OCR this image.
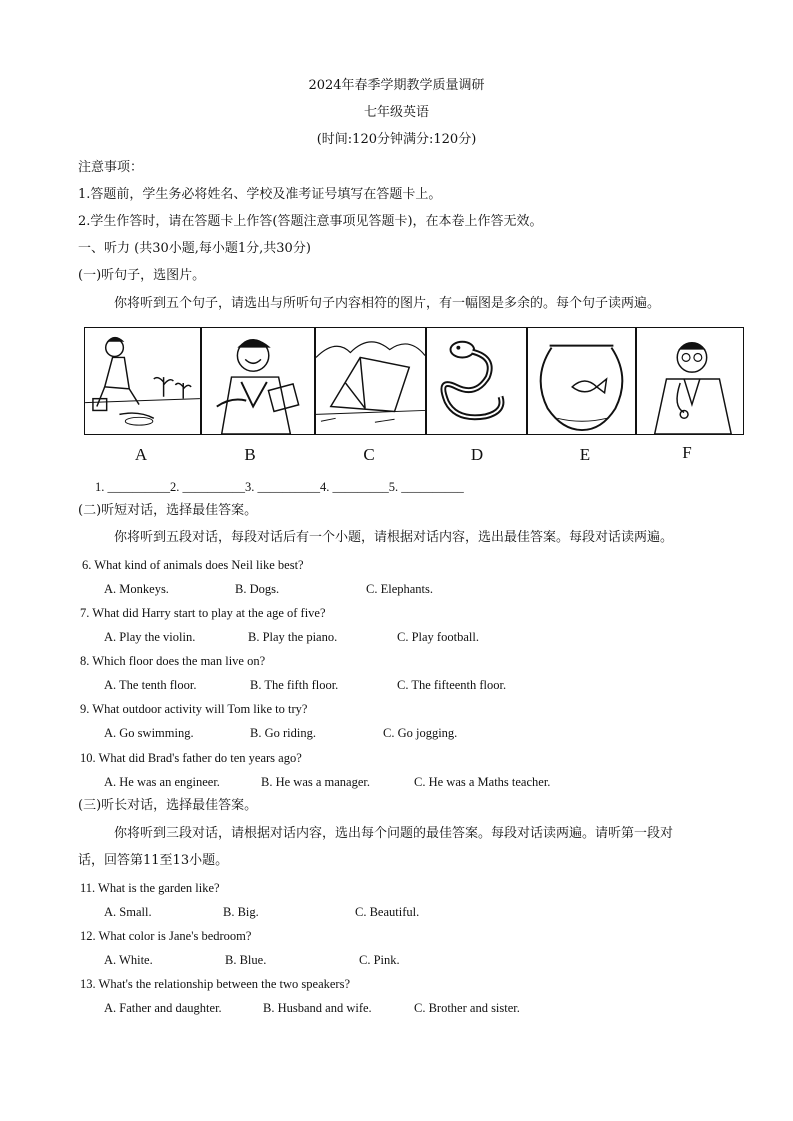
2024年春季学期教学质量调研
七年级英语
(时间:120分钟满分:120分)
注意事项：
1.答题前，学生务必将姓名、学校及准考证号填写在答题卡上。
2.学生作答时，请在答题卡上作答(答题注意事项见答题卡)，在本卷上作答无效。
一、听力 (共30小题,每小题1分,共30分)
(一)听句子，选图片。
你将听到五个句子，请选出与所听句子内容相符的图片，有一幅图是多余的。每个句子读两遍。
A	B	C	D	E	F
1. __________2. __________3. __________4. _________5. __________
(二)听短对话，选择最佳答案。
你将听到五段对话，每段对话后有一个小题，请根据对话内容，选出最佳答案。每段对话读两遍。
6. What kind of animals does Neil like best?
A. Monkeys.	B. Dogs.	C. Elephants.
7. What did Harry start to play at the age of five?
A. Play the violin.	B. Play the piano.	C. Play football.
8. Which floor does the man live on?
A. The tenth floor.	B. The fifth floor.	C. The fifteenth floor.
9. What outdoor activity will Tom like to try?
A. Go swimming.	B. Go riding.	C. Go jogging.
10. What did Brad's father do ten years ago?
A. He was an engineer.	B. He was a manager.	C. He was a Maths teacher.
(三)听长对话，选择最佳答案。
你将听到三段对话，请根据对话内容，选出每个问题的最佳答案。每段对话读两遍。请听第一段对
话，回答第11至13小题。
11. What is the garden like?
A. Small.	B. Big.	C. Beautiful.
12. What color is Jane's bedroom?
A. White.	B. Blue.	C. Pink.
13. What's the relationship between the two speakers?
A. Father and daughter.	B. Husband and wife.	C. Brother and sister.
